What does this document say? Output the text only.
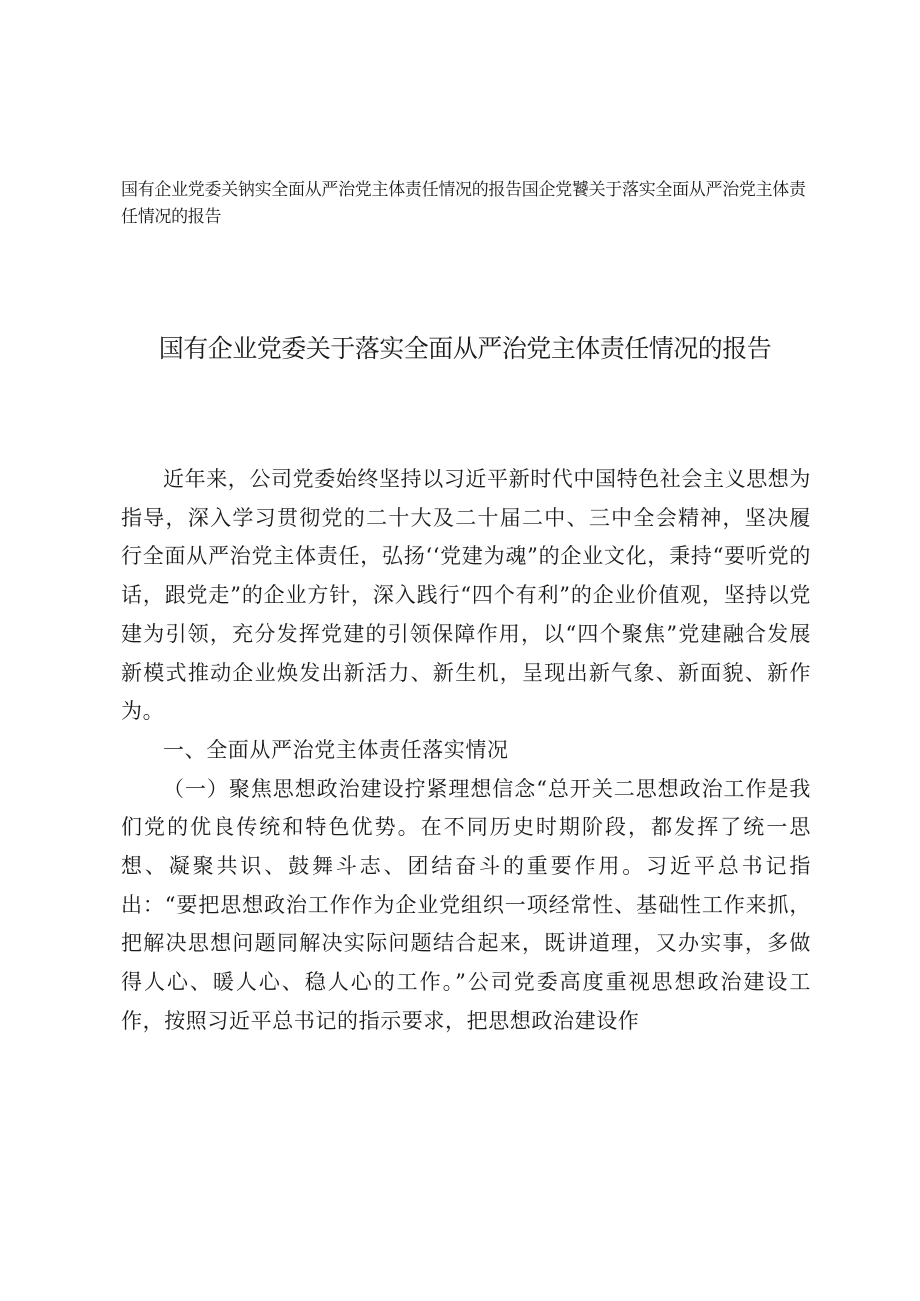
国有企业党委关钠实全面从严治党主体责任情况的报告国企党饕关于落实全面从严治党主体责任情况的报告

国有企业党委关于落实全面从严治党主体责任情况的报告

近年来，公司党委始终坚持以习近平新时代中国特色社会主义思想为指导，深入学习贯彻党的二十大及二十届二中、三中全会精神，坚决履行全面从严治党主体责任，弘扬‘‘党建为魂”的企业文化，秉持“要听党的话，跟党走”的企业方针，深入践行“四个有利”的企业价值观，坚持以党建为引领，充分发挥党建的引领保障作用，以“四个聚焦”党建融合发展新模式推动企业焕发出新活力、新生机，呈现出新气象、新面貌、新作为。

一、全面从严治党主体责任落实情况

（一）聚焦思想政治建设拧紧理想信念“总开关二思想政治工作是我们党的优良传统和特色优势。在不同历史时期阶段，都发挥了统一思想、凝聚共识、鼓舞斗志、团结奋斗的重要作用。习近平总书记指出：“要把思想政治工作作为企业党组织一项经常性、基础性工作来抓，把解决思想问题同解决实际问题结合起来，既讲道理，又办实事，多做得人心、暖人心、稳人心的工作。”公司党委高度重视思想政治建设工作，按照习近平总书记的指示要求，把思想政治建设作
